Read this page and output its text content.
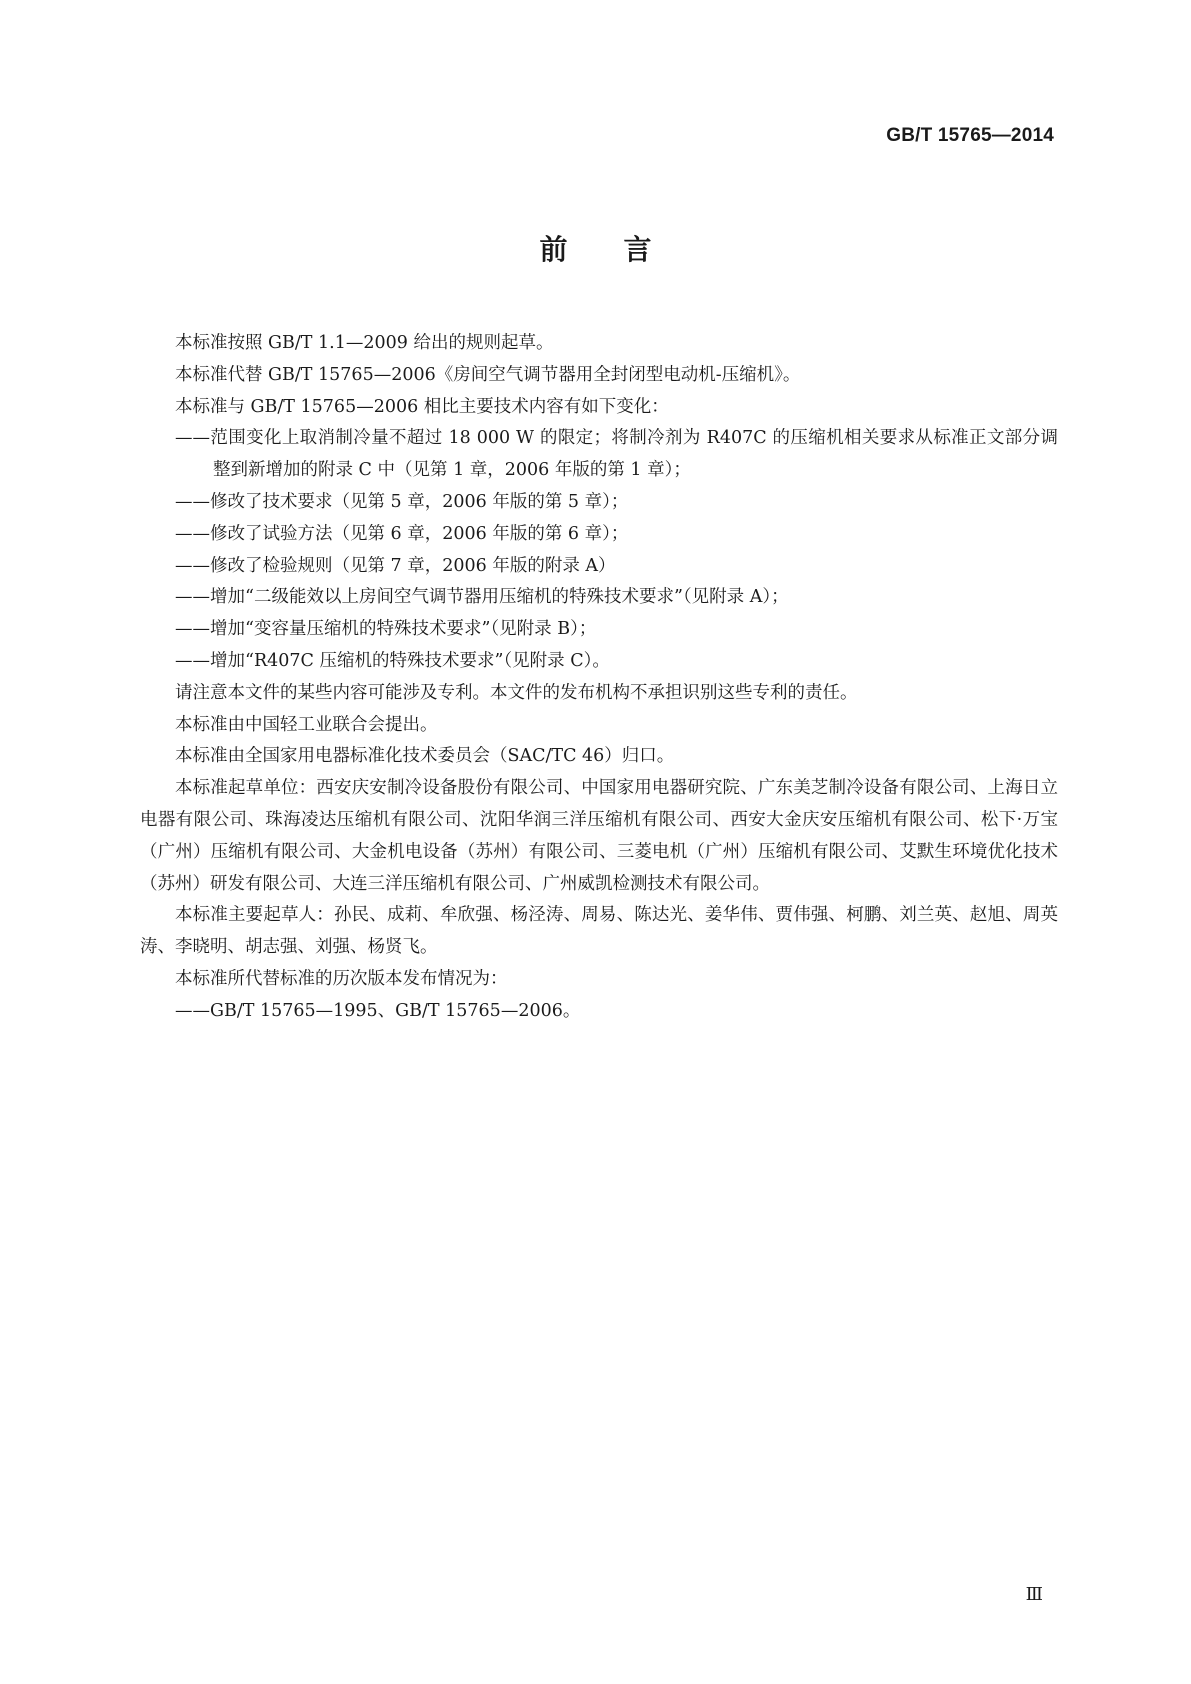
GB/T 15765—2014
前言

本标准按照 GB/T 1.1—2009 给出的规则起草。

本标准代替 GB/T 15765—2006《房间空气调节器用全封闭型电动机-压缩机》。

本标准与 GB/T 15765—2006 相比主要技术内容有如下变化：

——范围变化上取消制冷量不超过 18 000 W 的限定；将制冷剂为 R407C 的压缩机相关要求从标准正文部分调整到新增加的附录 C 中（见第 1 章，2006 年版的第 1 章）；

——修改了技术要求（见第 5 章，2006 年版的第 5 章）；

——修改了试验方法（见第 6 章，2006 年版的第 6 章）；

——修改了检验规则（见第 7 章，2006 年版的附录 A）

——增加“二级能效以上房间空气调节器用压缩机的特殊技术要求”（见附录 A）；

——增加“变容量压缩机的特殊技术要求”（见附录 B）；

——增加“R407C 压缩机的特殊技术要求”（见附录 C）。

请注意本文件的某些内容可能涉及专利。本文件的发布机构不承担识别这些专利的责任。

本标准由中国轻工业联合会提出。

本标准由全国家用电器标准化技术委员会（SAC/TC 46）归口。

本标准起草单位：西安庆安制冷设备股份有限公司、中国家用电器研究院、广东美芝制冷设备有限公司、上海日立电器有限公司、珠海凌达压缩机有限公司、沈阳华润三洋压缩机有限公司、西安大金庆安压缩机有限公司、松下·万宝（广州）压缩机有限公司、大金机电设备（苏州）有限公司、三菱电机（广州）压缩机有限公司、艾默生环境优化技术（苏州）研发有限公司、大连三洋压缩机有限公司、广州威凯检测技术有限公司。

本标准主要起草人：孙民、成莉、牟欣强、杨泾涛、周易、陈达光、姜华伟、贾伟强、柯鹏、刘兰英、赵旭、周英涛、李晓明、胡志强、刘强、杨贤飞。

本标准所代替标准的历次版本发布情况为：

——GB/T 15765—1995、GB/T 15765—2006。

Ⅲ
